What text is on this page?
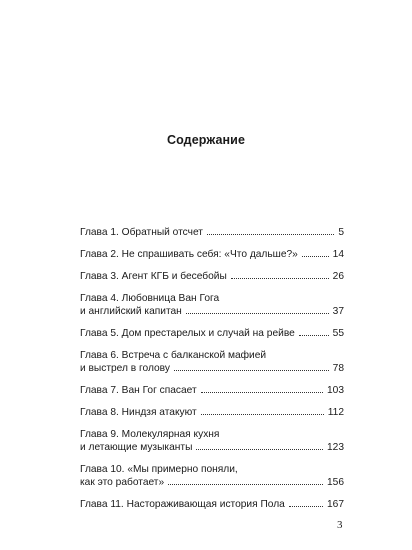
Содержание
Глава 1. Обратный отсчет	5
Глава 2. Не спрашивать себя: «Что дальше?»	14
Глава 3. Агент КГБ и бесебойы	26
Глава 4. Любовница Ван Гога
и английский капитан	37
Глава 5. Дом престарелых и случай на рейве	55
Глава 6. Встреча с балканской мафией
и выстрел в голову	78
Глава 7. Ван Гог спасает	103
Глава 8. Ниндзя атакуют	112
Глава 9. Молекулярная кухня
и летающие музыканты	123
Глава 10. «Мы примерно поняли,
как это работает»	156
Глава 11. Настораживающая история Пола	167
3
